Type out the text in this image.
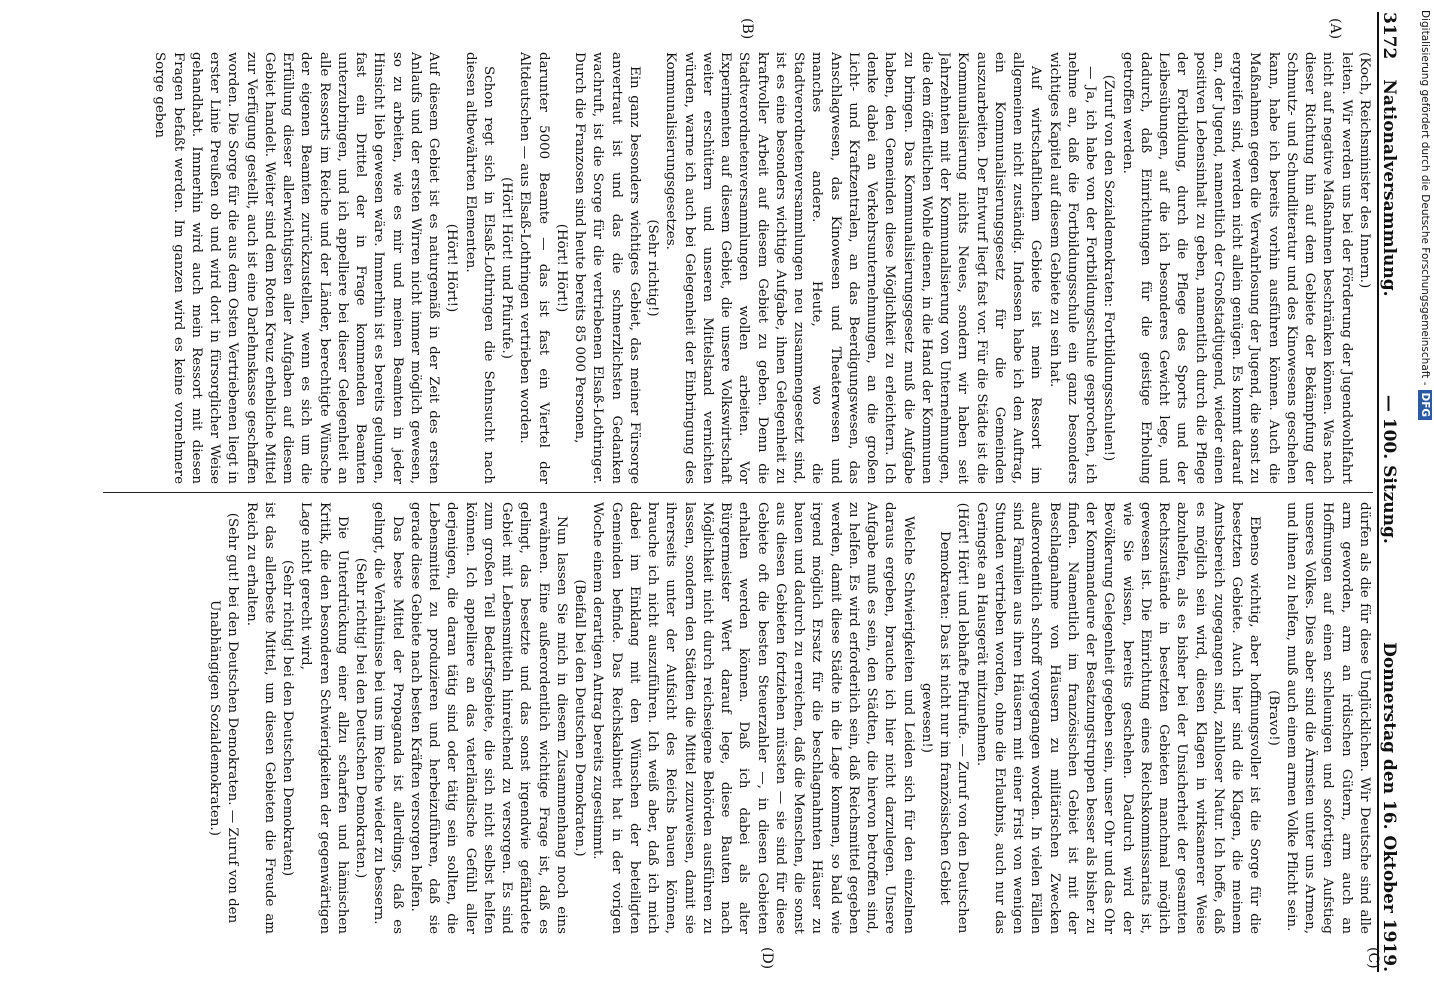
3172
Nationalversammlung.
— 100. Sitzung.
Donnerstag den 16. Oktober 1919.
(A)
(B)
(C)
(D)

(Koch, Reichsminister des Innern.)

leiten. Wir werden uns bei der Förderung der Jugendwohlfahrt nicht auf negative Maßnahmen beschränken können. Was nach dieser Richtung hin auf dem Gebiete der Bekämpfung der Schmutz- und Schundliteratur und des Kinowesens geschehen kann, habe ich bereits vorhin ausführen können. Auch die Maßnahmen gegen die Verwahrlosung der Jugend, die sonst zu ergreifen sind, werden nicht allein genügen. Es kommt darauf an, der Jugend, namentlich der Großstadtjugend, wieder einen positiven Lebensinhalt zu geben, namentlich durch die Pflege der Fortbildung, durch die Pflege des Sports und der Leibesübungen, auf die ich besonderes Gewicht lege, und dadurch, daß Einrichtungen für die geistige Erholung getroffen werden.

(Zuruf von den Sozialdemokraten: Fortbildungsschulen!)

— Ja, ich habe von der Fortbildungsschule gesprochen, ich nehme an, daß die Fortbildungsschule ein ganz besonders wichtiges Kapitel auf diesem Gebiete zu sein hat.

Auf wirtschaftlichem Gebiete ist mein Ressort im allgemeinen nicht zuständig. Indessen habe ich den Auftrag, ein Kommunalisierungsgesetz für die Gemeinden auszuarbeiten. Der Entwurf liegt fast vor. Für die Städte ist die Kommunalisierung nichts Neues, sondern wir haben seit Jahrzehnten mit der Kommunalisierung von Unternehmungen, die dem öffentlichen Wohle dienen, in die Hand der Kommunen zu bringen. Das Kommunalisierungsgesetz muß die Aufgabe haben, den Gemeinden diese Möglichkeit zu erleichtern. Ich denke dabei an Verkehrsunternehmungen, an die großen Licht- und Kraftzentralen, an das Beerdigungswesen, das Anschlagwesen, das Kinowesen und Theaterwesen und manches andere. Heute, wo die Stadtverordnetenversammlungen neu zusammengesetzt sind, ist es eine besonders wichtige Aufgabe, ihnen Gelegenheit zu kraftvoller Arbeit auf diesem Gebiet zu geben. Denn die Stadtverordnetenversammlungen wollen arbeiten. Vor Experimenten auf diesem Gebiet, die unsere Volkswirtschaft weiter erschüttern und unseren Mittelstand vernichten würden, warne ich auch bei Gelegenheit der Einbringung des Kommunalisierungsgesetzes.

(Sehr richtig!)

Ein ganz besonders wichtiges Gebiet, das meiner Fürsorge anvertraut ist und das die schmerzlichsten Gedanken wachruft, ist die Sorge für die vertriebenen Elsaß-Lothringer. Durch die Franzosen sind heute bereits 85 000 Personen,

(Hört! Hört!)

darunter 5000 Beamte — das ist fast ein Viertel der Altdeutschen — aus Elsaß-Lothringen vertrieben worden.

(Hört! Hört! und Pfuirufe.)

Schon regt sich in Elsaß-Lothringen die Sehnsucht nach diesen altbewährten Elementen.

(Hört! Hört!)

Auf diesem Gebiet ist es naturgemäß in der Zeit des ersten Anlaufs und der ersten Wirren nicht immer möglich gewesen, so zu arbeiten, wie es mir und meinen Beamten in jeder Hinsicht lieb gewesen wäre. Immerhin ist es bereits gelungen, fast ein Drittel der in Frage kommenden Beamten unterzubringen, und ich appelliere bei dieser Gelegenheit an alle Ressorts im Reiche und der Länder, berechtigte Wünsche der eigenen Beamten zurückzustellen, wenn es sich um die Erfüllung dieser allerwichtigsten aller Aufgaben auf diesem Gebiet handelt. Weiter sind dem Roten Kreuz erhebliche Mittel zur Verfügung gestellt, auch ist eine Darlehnskasse geschaffen worden. Die Sorge für die aus dem Osten Vertriebenen liegt in erster Linie Preußen ob und wird dort in fürsorglicher Weise gehandhabt. Immerhin wird auch mein Ressort mit diesen Fragen befaßt werden. Im ganzen wird es keine vornehmere Sorge geben

dürfen als die für diese Unglücklichen. Wir Deutsche sind alle arm geworden, arm an irdischen Gütern, arm auch an Hoffnungen auf einen schleunigen und sofortigen Aufstieg unseres Volkes. Dies aber sind die Ärmsten unter uns Armen, und ihnen zu helfen, muß auch einem armen Volke Pflicht sein.

(Bravo!)

Ebenso wichtig, aber hoffnungsvoller ist die Sorge für die besetzten Gebiete. Auch hier sind die Klagen, die meinem Amtsbereich zugegangen sind, zahlloser Natur. Ich hoffe, daß es möglich sein wird, diesen Klagen in wirksamerer Weise abzuhelfen, als es bisher bei der Unsicherheit der gesamten Rechtszustände in besetzten Gebieten manchmal möglich gewesen ist. Die Einrichtung eines Reichskommissariats ist, wie Sie wissen, bereits geschehen. Dadurch wird der Bevölkerung Gelegenheit gegeben sein, unser Ohr und das Ohr der Kommandeure der Besatzungstruppen besser als bisher zu finden. Namentlich im französischen Gebiet ist mit der Beschlagnahme von Häusern zu militärischen Zwecken außerordentlich schroff vorgegangen worden. In vielen Fällen sind Familien aus ihren Häusern mit einer Frist von wenigen Stunden vertrieben worden, ohne die Erlaubnis, auch nur das Geringste an Hausgerät mitzunehmen.

(Hört! Hört! und lebhafte Pfuirufe. — Zuruf von den Deutschen Demokraten: Das ist nicht nur im französischen Gebiet gewesen!)

Welche Schwierigkeiten und Leiden sich für den einzelnen daraus ergeben, brauche ich hier nicht darzulegen. Unsere Aufgabe muß es sein, den Städten, die hiervon betroffen sind, zu helfen. Es wird erforderlich sein, daß Reichsmittel gegeben werden, damit diese Städte in die Lage kommen, so bald wie irgend möglich Ersatz für die beschlagnahmten Häuser zu bauen und dadurch zu erreichen, daß die Menschen, die sonst aus diesen Gebieten fortziehen müssten — sie sind für diese Gebiete oft die besten Steuerzahler —, in diesen Gebieten erhalten werden können. Daß ich dabei als alter Bürgermeister Wert darauf lege, diese Bauten nach Möglichkeit nicht durch reichseigene Behörden ausführen zu lassen, sondern den Städten die Mittel zuzuweisen, damit sie ihrerseits unter der Aufsicht des Reichs bauen können, brauche ich nicht auszuführen. Ich weiß aber, daß ich mich dabei im Einklang mit den Wünschen der beteiligten Gemeinden befinde. Das Reichskabinett hat in der vorigen Woche einem derartigen Antrag bereits zugestimmt.

(Beifall bei den Deutschen Demokraten.)

Nun lassen Sie mich in diesem Zusammenhang noch eins erwähnen. Eine außerordentlich wichtige Frage ist, daß es gelingt, das besetzte und das sonst irgendwie gefährdete Gebiet mit Lebensmitteln hinreichend zu versorgen. Es sind zum großen Teil Bedarfsgebiete, die sich nicht selbst helfen können. Ich appelliere an das vaterländische Gefühl aller derjenigen, die daran tätig sind oder tätig sein sollten, die Lebensmittel zu produzieren und herbeizuführen, daß sie gerade diese Gebiete nach besten Kräften versorgen helfen.

Das beste Mittel der Propaganda ist allerdings, daß es gelingt, die Verhältnisse bei uns im Reiche wieder zu bessern.

(Sehr richtig! bei den Deutschen Demokraten.)

Die Unterdrückung einer allzu scharfen und hämischen Kritik, die den besonderen Schwierigkeiten der gegenwärtigen Lage nicht gerecht wird,

(Sehr richtig! bei den Deutschen Demokraten)

ist das allerbeste Mittel, um diesen Gebieten die Freude am Reich zu erhalten.

(Sehr gut! bei den Deutschen Demokraten. — Zuruf von den Unabhängigen Sozialdemokraten.)

Digitalisierung gefördert durch die Deutsche Forschungsgemeinschaft -DFG
